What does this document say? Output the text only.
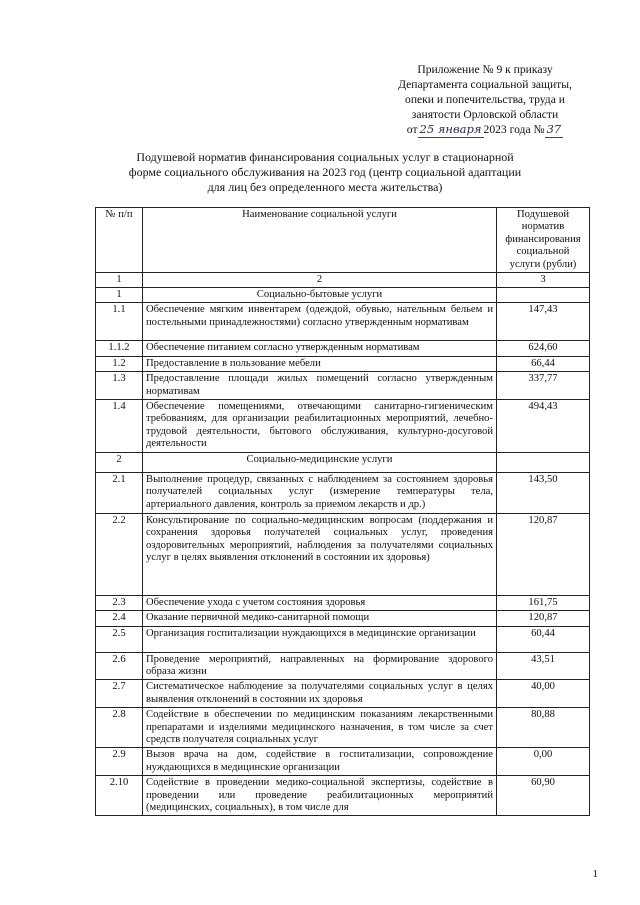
Приложение № 9 к приказу
Департамента социальной защиты,
опеки и попечительства, труда и
занятости Орловской области
от 25 января 2023 года № 37
Подушевой норматив финансирования социальных услуг в стационарной форме социального обслуживания на 2023 год (центр социальной адаптации для лиц без определенного места жительства)
№ п/п	Наименование социальной услуги	Подушевой норматив финансирования социальной услуги (рубли)
1	2	3
1	Социально-бытовые услуги	
1.1	Обеспечение мягким инвентарем (одеждой, обувью, нательным бельем и постельными принадлежностями) согласно утвержденным нормативам	147,43
1.1.2	Обеспечение питанием согласно утвержденным нормативам	624,60
1.2	Предоставление в пользование мебели	66,44
1.3	Предоставление площади жилых помещений согласно утвержденным нормативам	337,77
1.4	Обеспечение помещениями, отвечающими санитарно-гигиеническим требованиям, для организации реабилитационных мероприятий, лечебно-трудовой деятельности, бытового обслуживания, культурно-досуговой деятельности	494,43
2	Социально-медицинские услуги	
2.1	Выполнение процедур, связанных с наблюдением за состоянием здоровья получателей социальных услуг (измерение температуры тела, артериального давления, контроль за приемом лекарств и др.)	143,50
2.2	Консультирование по социально-медицинским вопросам (поддержания и сохранения здоровья получателей социальных услуг, проведения оздоровительных мероприятий, наблюдения за получателями социальных услуг в целях выявления отклонений в состоянии их здоровья)	120,87
2.3	Обеспечение ухода с учетом состояния здоровья	161,75
2.4	Оказание первичной медико-санитарной помощи	120,87
2.5	Организация госпитализации нуждающихся в медицинские организации	60,44
2.6	Проведение мероприятий, направленных на формирование здорового образа жизни	43,51
2.7	Систематическое наблюдение за получателями социальных услуг в целях выявления отклонений в состоянии их здоровья	40,00
2.8	Содействие в обеспечении по медицинским показаниям лекарственными препаратами и изделиями медицинского назначения, в том числе за счет средств получателя социальных услуг	80,88
2.9	Вызов врача на дом, содействие в госпитализации, сопровождение нуждающихся в медицинские организации	0,00
2.10	Содействие в проведении медико-социальной экспертизы, содействие в проведении или проведение реабилитационных мероприятий (медицинских, социальных), в том числе для	60,90
1
